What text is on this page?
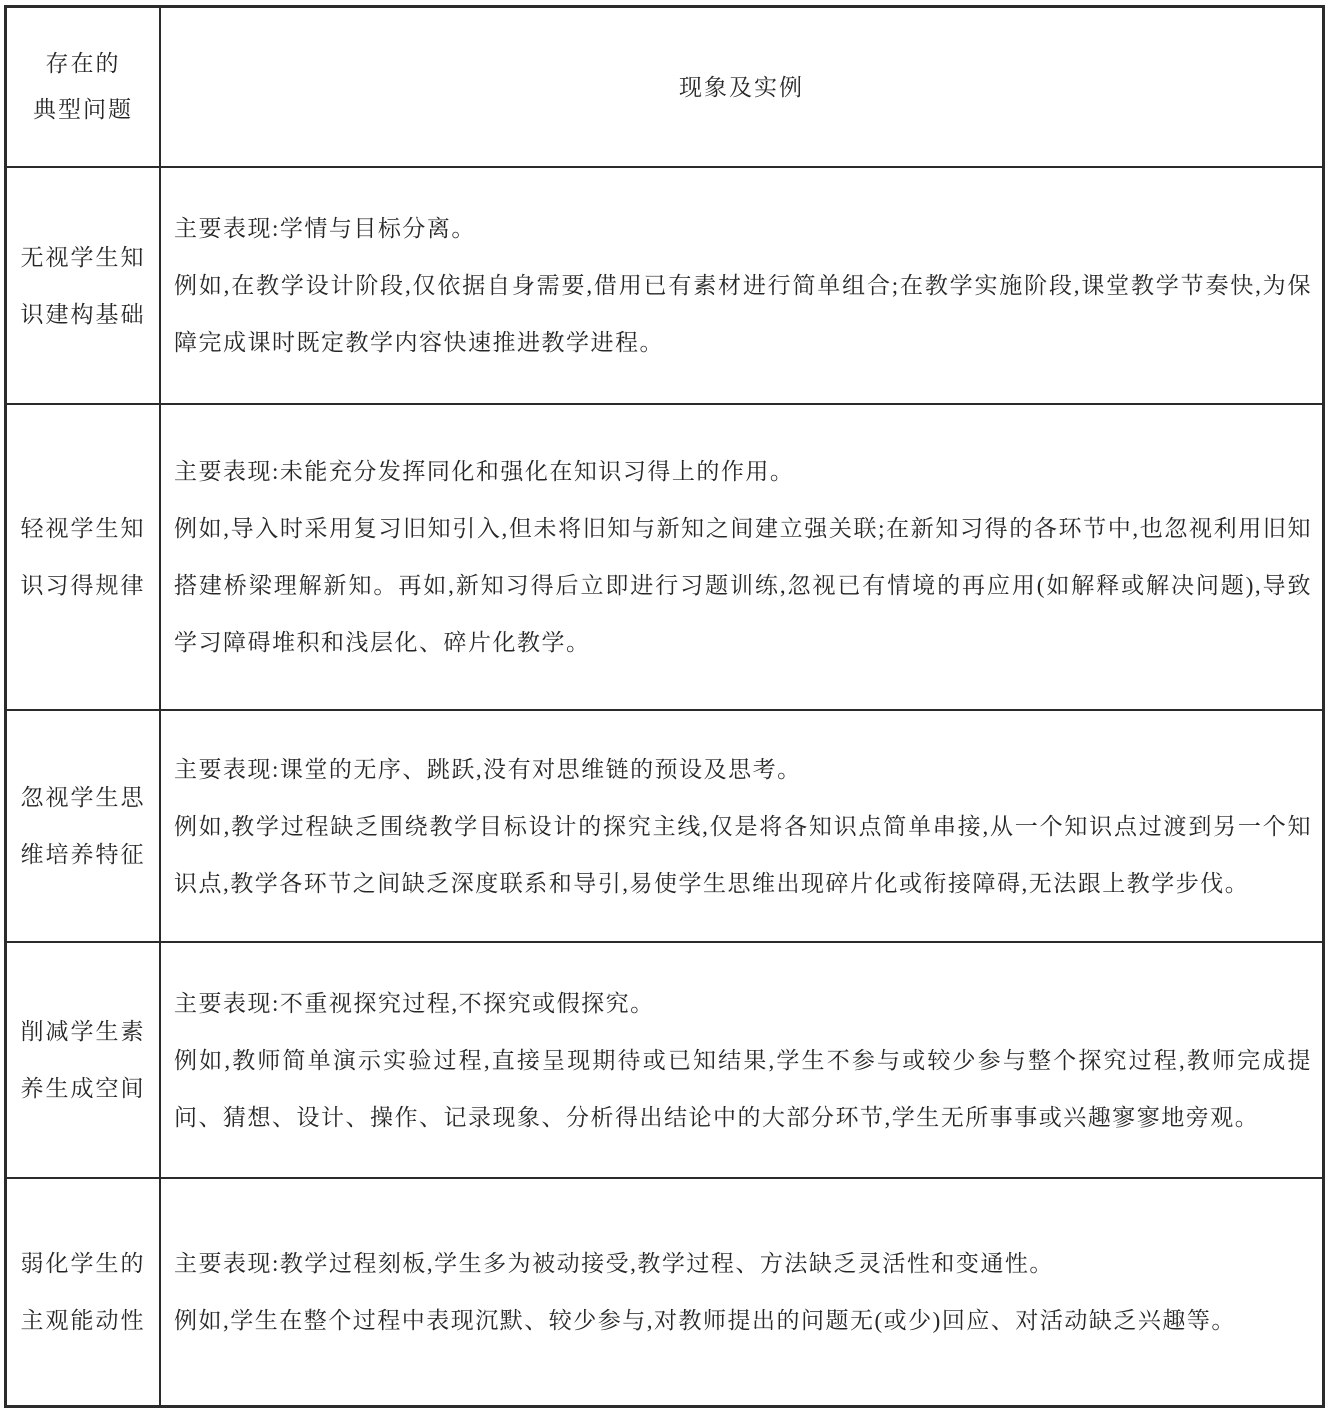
存在的
典型问题
现象及实例
无视学生知识建构基础

主要表现:学情与目标分离。

例如,在教学设计阶段,仅依据自身需要,借用已有素材进行简单组合;在教学实施阶段,课堂教学节奏快,为保障完成课时既定教学内容快速推进教学进程。

轻视学生知识习得规律

主要表现:未能充分发挥同化和强化在知识习得上的作用。

例如,导入时采用复习旧知引入,但未将旧知与新知之间建立强关联;在新知习得的各环节中,也忽视利用旧知搭建桥梁理解新知。再如,新知习得后立即进行习题训练,忽视已有情境的再应用(如解释或解决问题),导致学习障碍堆积和浅层化、碎片化教学。

忽视学生思维培养特征

主要表现:课堂的无序、跳跃,没有对思维链的预设及思考。

例如,教学过程缺乏围绕教学目标设计的探究主线,仅是将各知识点简单串接,从一个知识点过渡到另一个知识点,教学各环节之间缺乏深度联系和导引,易使学生思维出现碎片化或衔接障碍,无法跟上教学步伐。

削减学生素养生成空间

主要表现:不重视探究过程,不探究或假探究。

例如,教师简单演示实验过程,直接呈现期待或已知结果,学生不参与或较少参与整个探究过程,教师完成提问、猜想、设计、操作、记录现象、分析得出结论中的大部分环节,学生无所事事或兴趣寥寥地旁观。

弱化学生的主观能动性

主要表现:教学过程刻板,学生多为被动接受,教学过程、方法缺乏灵活性和变通性。

例如,学生在整个过程中表现沉默、较少参与,对教师提出的问题无(或少)回应、对活动缺乏兴趣等。
